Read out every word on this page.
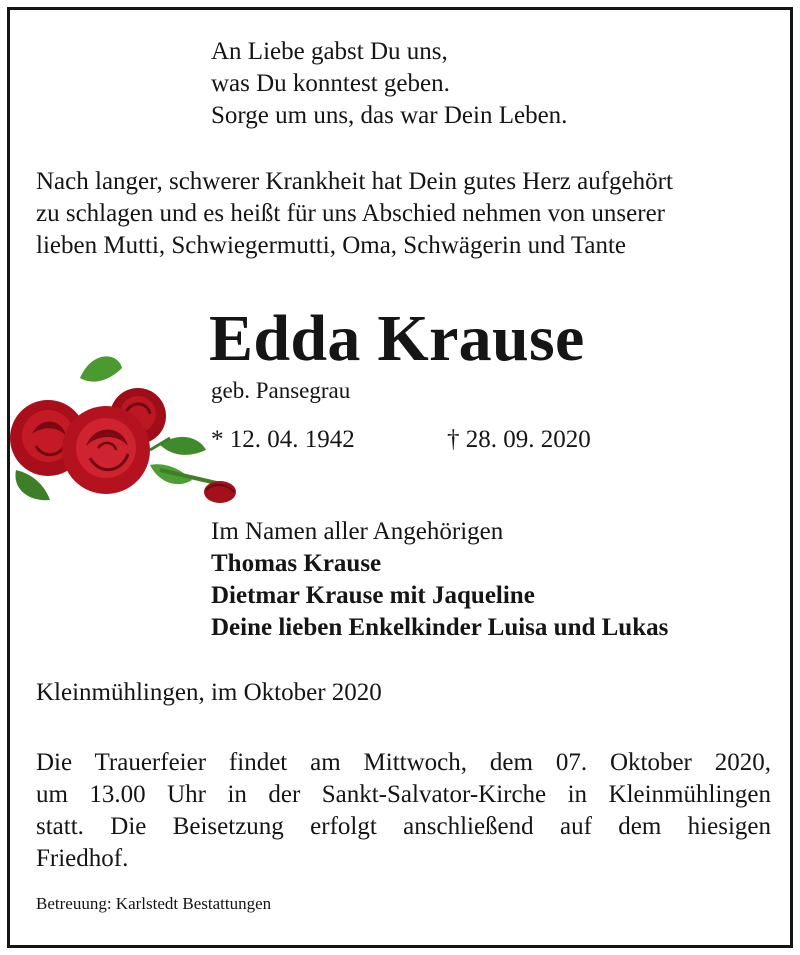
An Liebe gabst Du uns,
was Du konntest geben.
Sorge um uns, das war Dein Leben.
Nach langer, schwerer Krankheit hat Dein gutes Herz aufgehört
zu schlagen und es heißt für uns Abschied nehmen von unserer
lieben Mutti, Schwiegermutti, Oma, Schwägerin und Tante
Edda Krause
geb. Pansegrau
* 12. 04. 1942	† 28. 09. 2020
Im Namen aller Angehörigen
Thomas Krause
Dietmar Krause mit Jaqueline
Deine lieben Enkelkinder Luisa und Lukas
Kleinmühlingen, im Oktober 2020
Die Trauerfeier findet am Mittwoch, dem 07. Oktober 2020,
um 13.00 Uhr in der Sankt-Salvator-Kirche in Kleinmühlingen
statt. Die Beisetzung erfolgt anschließend auf dem hiesigen
Friedhof.
Betreuung: Karlstedt Bestattungen
